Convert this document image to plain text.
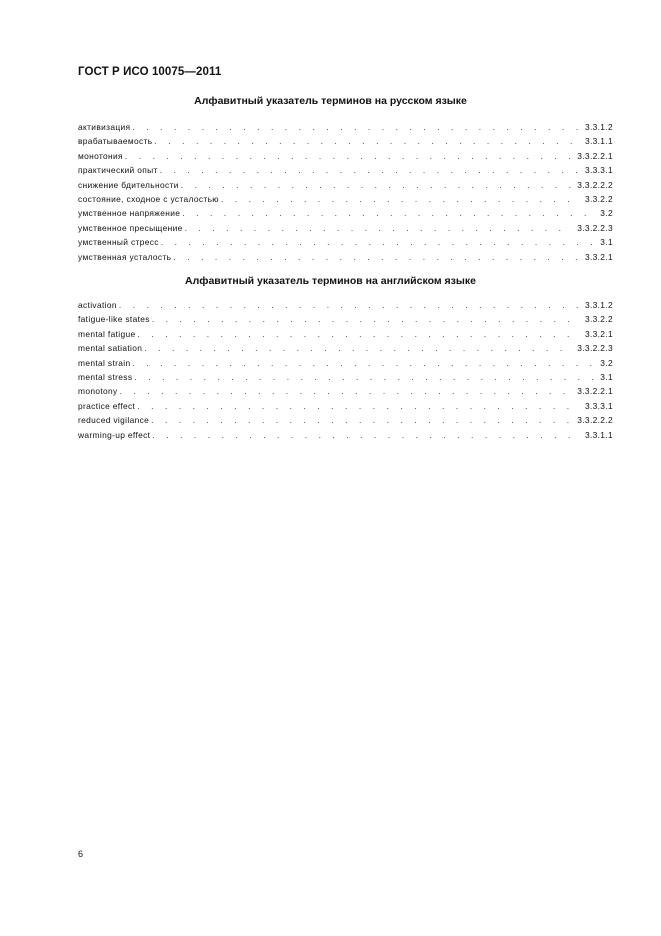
ГОСТ Р ИСО 10075—2011
Алфавитный указатель терминов на русском языке
активизация . . .	3.3.1.2
врабатываемость . . .	3.3.1.1
монотония . . .	3.3.2.2.1
практический опыт . . .	3.3.3.1
снижение бдительности . . .	3.3.2.2.2
состояние, сходное с усталостью . . .	3.3.2.2
умственное напряжение . . .	3.2
умственное пресыщение . . .	3.3.2.2.3
умственный стресс . . .	3.1
умственная усталость . . .	3.3.2.1
Алфавитный указатель терминов на английском языке
activation . . .	3.3.1.2
fatigue-like states . . .	3.3.2.2
mental fatigue . . .	3.3.2.1
mental satiation . . .	3.3.2.2.3
mental strain . . .	3.2
mental stress . . .	3.1
monotony . . .	3.3.2.2.1
practice effect . . .	3.3.3.1
reduced vigilance . . .	3.3.2.2.2
warming-up effect . . .	3.3.1.1
6
